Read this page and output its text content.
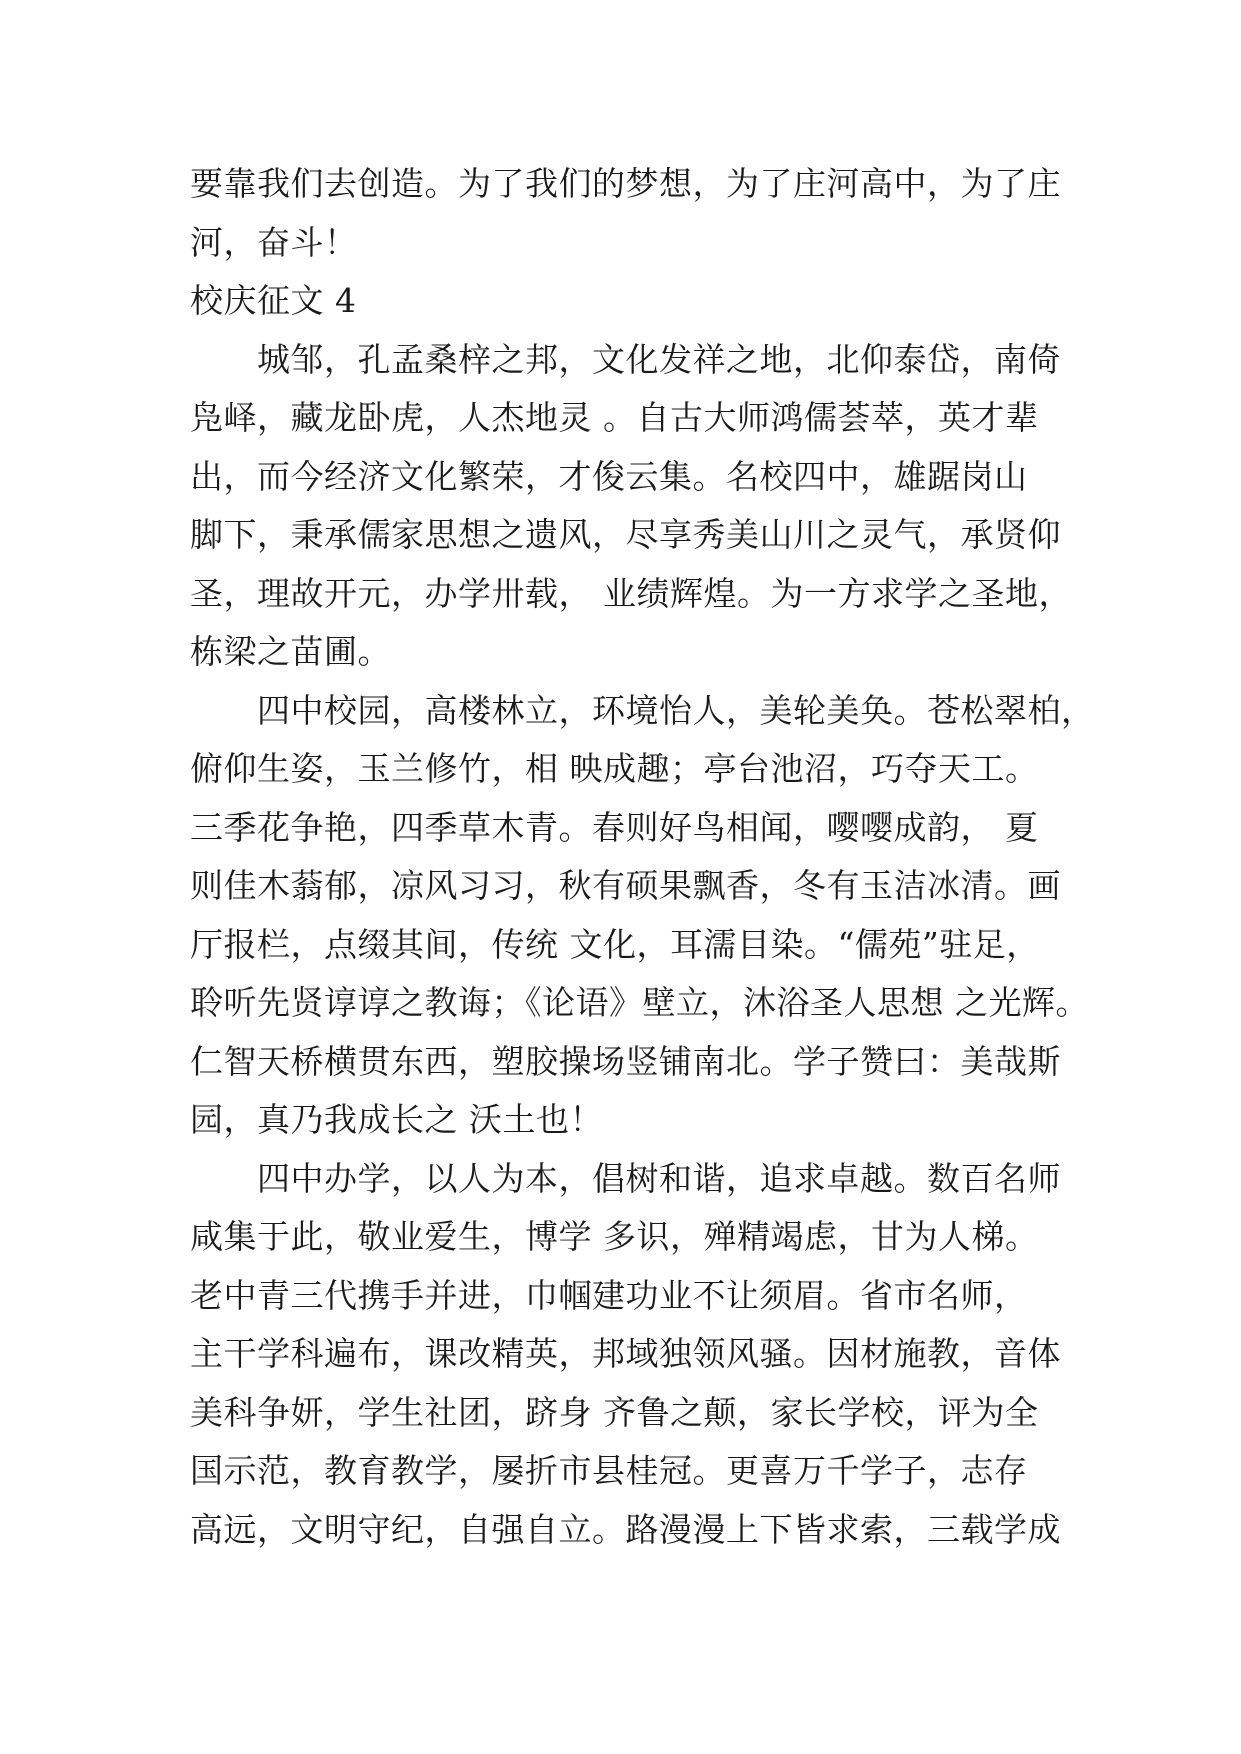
要靠我们去创造。为了我们的梦想，为了庄河高中，为了庄
河，奋斗！
校庆征文 4
城邹，孔孟桑梓之邦，文化发祥之地，北仰泰岱，南倚
凫峄，藏龙卧虎，人杰地灵 。自古大师鸿儒荟萃，英才辈
出，而今经济文化繁荣，才俊云集。名校四中，雄踞岗山
脚下，秉承儒家思想之遗风，尽享秀美山川之灵气，承贤仰
圣，理故开元，办学卅载， 业绩辉煌。为一方求学之圣地，
栋梁之苗圃。
四中校园，高楼林立，环境怡人，美轮美奂。苍松翠柏，
俯仰生姿，玉兰修竹，相 映成趣；亭台池沼，巧夺天工。
三季花争艳，四季草木青。春则好鸟相闻，嘤嘤成韵， 夏
则佳木蓊郁，凉风习习，秋有硕果飘香，冬有玉洁冰清。画
厅报栏，点缀其间，传统 文化，耳濡目染。“儒苑”驻足，
聆听先贤谆谆之教诲；《论语》壁立，沐浴圣人思想 之光辉。
仁智天桥横贯东西，塑胶操场竖铺南北。学子赞曰：美哉斯
园，真乃我成长之 沃土也！
四中办学，以人为本，倡树和谐，追求卓越。数百名师
咸集于此，敬业爱生，博学 多识，殚精竭虑，甘为人梯。
老中青三代携手并进，巾帼建功业不让须眉。省市名师，
主干学科遍布，课改精英，邦域独领风骚。因材施教，音体
美科争妍，学生社团，跻身 齐鲁之颠，家长学校，评为全
国示范，教育教学，屡折市县桂冠。更喜万千学子，志存
高远，文明守纪，自强自立。路漫漫上下皆求索，三载学成
